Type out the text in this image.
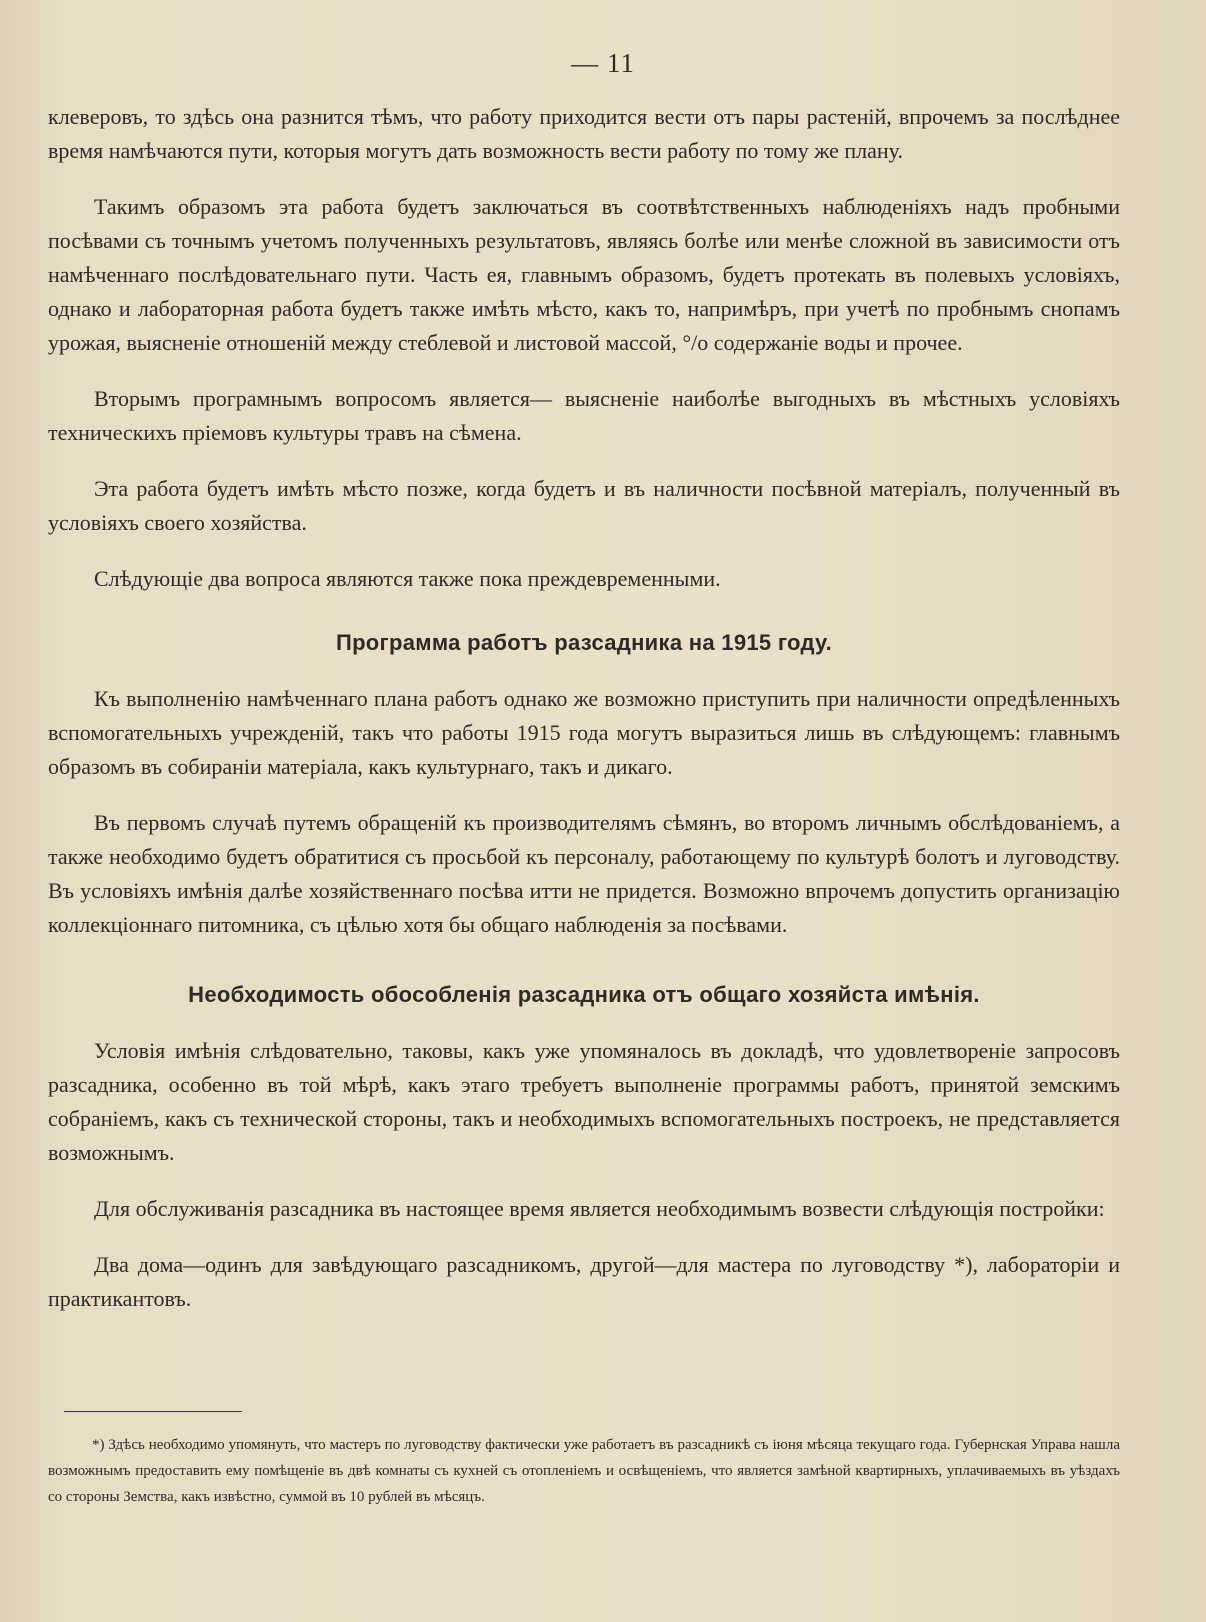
— 11

клеверовъ, то здѣсь она разнится тѣмъ, что работу приходится вести отъ пары растеній, впрочемъ за послѣднее время намѣчаются пути, которыя могутъ дать возможность вести работу по тому же плану.

Такимъ образомъ эта работа будетъ заключаться въ соотвѣтственныхъ наблюденіяхъ надъ пробными посѣвами съ точнымъ учетомъ полученныхъ результатовъ, являясь болѣе или менѣе сложной въ зависимости отъ намѣченнаго послѣдовательнаго пути. Часть ея, главнымъ образомъ, будетъ протекать въ полевыхъ условіяхъ, однако и лабораторная работа будетъ также имѣть мѣсто, какъ то, напримѣръ, при учетѣ по пробнымъ снопамъ урожая, выясненіе отношеній между стеблевой и листовой массой, °/о содержаніе воды и прочее.

Вторымъ програмнымъ вопросомъ является— выясненіе наиболѣе выгодныхъ въ мѣстныхъ условіяхъ техническихъ пріемовъ культуры травъ на сѣмена.

Эта работа будетъ имѣть мѣсто позже, когда будетъ и въ наличности посѣвной матеріалъ, полученный въ условіяхъ своего хозяйства.

Слѣдующіе два вопроса являются также пока преждевременными.

Программа работъ разсадника на 1915 году.

Къ выполненію намѣченнаго плана работъ однако же возможно приступить при наличности опредѣленныхъ вспомогательныхъ учрежденій, такъ что работы 1915 года могутъ выразиться лишь въ слѣдующемъ: главнымъ образомъ въ собираніи матеріала, какъ культурнаго, такъ и дикаго.

Въ первомъ случаѣ путемъ обращеній къ производителямъ сѣмянъ, во второмъ личнымъ обслѣдованіемъ, а также необходимо будетъ обратитися съ просьбой къ персоналу, работающему по культурѣ болотъ и луговодству. Въ условіяхъ имѣнія далѣе хозяйственнаго посѣва итти не придется. Возможно впрочемъ допустить организацію коллекціоннаго питомника, съ цѣлью хотя бы общаго наблюденія за посѣвами.

Необходимость обособленія разсадника отъ общаго хозяйста имѣнія.

Условія имѣнія слѣдовательно, таковы, какъ уже упомяналось въ докладѣ, что удовлетвореніе запросовъ разсадника, особенно въ той мѣрѣ, какъ этаго требуетъ выполненіе программы работъ, принятой земскимъ собраніемъ, какъ съ технической стороны, такъ и необходимыхъ вспомогательныхъ построекъ, не представляется возможнымъ.

Для обслуживанія разсадника въ настоящее время является необходимымъ возвести слѣдующія постройки:

Два дома—одинъ для завѣдующаго разсадникомъ, другой—для мастера по луговодству *), лабораторіи и практикантовъ.

*) Здѣсь необходимо упомянуть, что мастеръ по луговодству фактически уже работаетъ въ разсадникѣ съ іюня мѣсяца текущаго года. Губернская Управа нашла возможнымъ предоставить ему помѣщеніе въ двѣ комнаты съ кухней съ отопленіемъ и освѣщеніемъ, что является замѣной квартирныхъ, уплачиваемыхъ въ уѣздахъ со стороны Земства, какъ извѣстно, суммой въ 10 рублей въ мѣсяцъ.
